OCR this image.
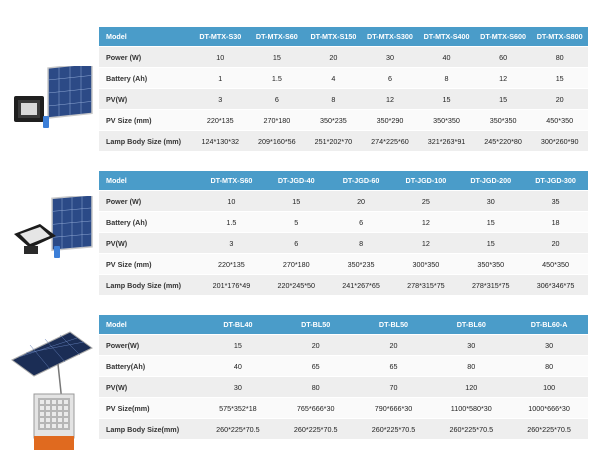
Model	DT-MTX-S30	DT-MTX-S60	DT-MTX-S150	DT-MTX-S300	DT-MTX-S400	DT-MTX-S600	DT-MTX-S800
Power (W)	10	15	20	30	40	60	80
Battery (Ah)	1	1.5	4	6	8	12	15
PV(W)	3	6	8	12	15	15	20
PV Size (mm)	220*135	270*180	350*235	350*290	350*350	350*350	450*350
Lamp Body Size (mm)	124*130*32	209*160*56	251*202*70	274*225*60	321*263*91	245*220*80	300*260*90
Model	DT-MTX-S60	DT-JGD-40	DT-JGD-60	DT-JGD-100	DT-JGD-200	DT-JGD-300
Power (W)	10	15	20	25	30	35
Battery (Ah)	1.5	5	6	12	15	18
PV(W)	3	6	8	12	15	20
PV Size (mm)	220*135	270*180	350*235	300*350	350*350	450*350
Lamp Body Size (mm)	201*176*49	220*245*50	241*267*65	278*315*75	278*315*75	306*346*75
Model	DT-BL40	DT-BL50	DT-BL50	DT-BL60	DT-BL60-A
Power(W)	15	20	20	30	30
Battery(Ah)	40	65	65	80	80
PV(W)	30	80	70	120	100
PV Size(mm)	575*352*18	765*666*30	790*666*30	1100*580*30	1000*666*30
Lamp Body Size(mm)	260*225*70.5	260*225*70.5	260*225*70.5	260*225*70.5	260*225*70.5
